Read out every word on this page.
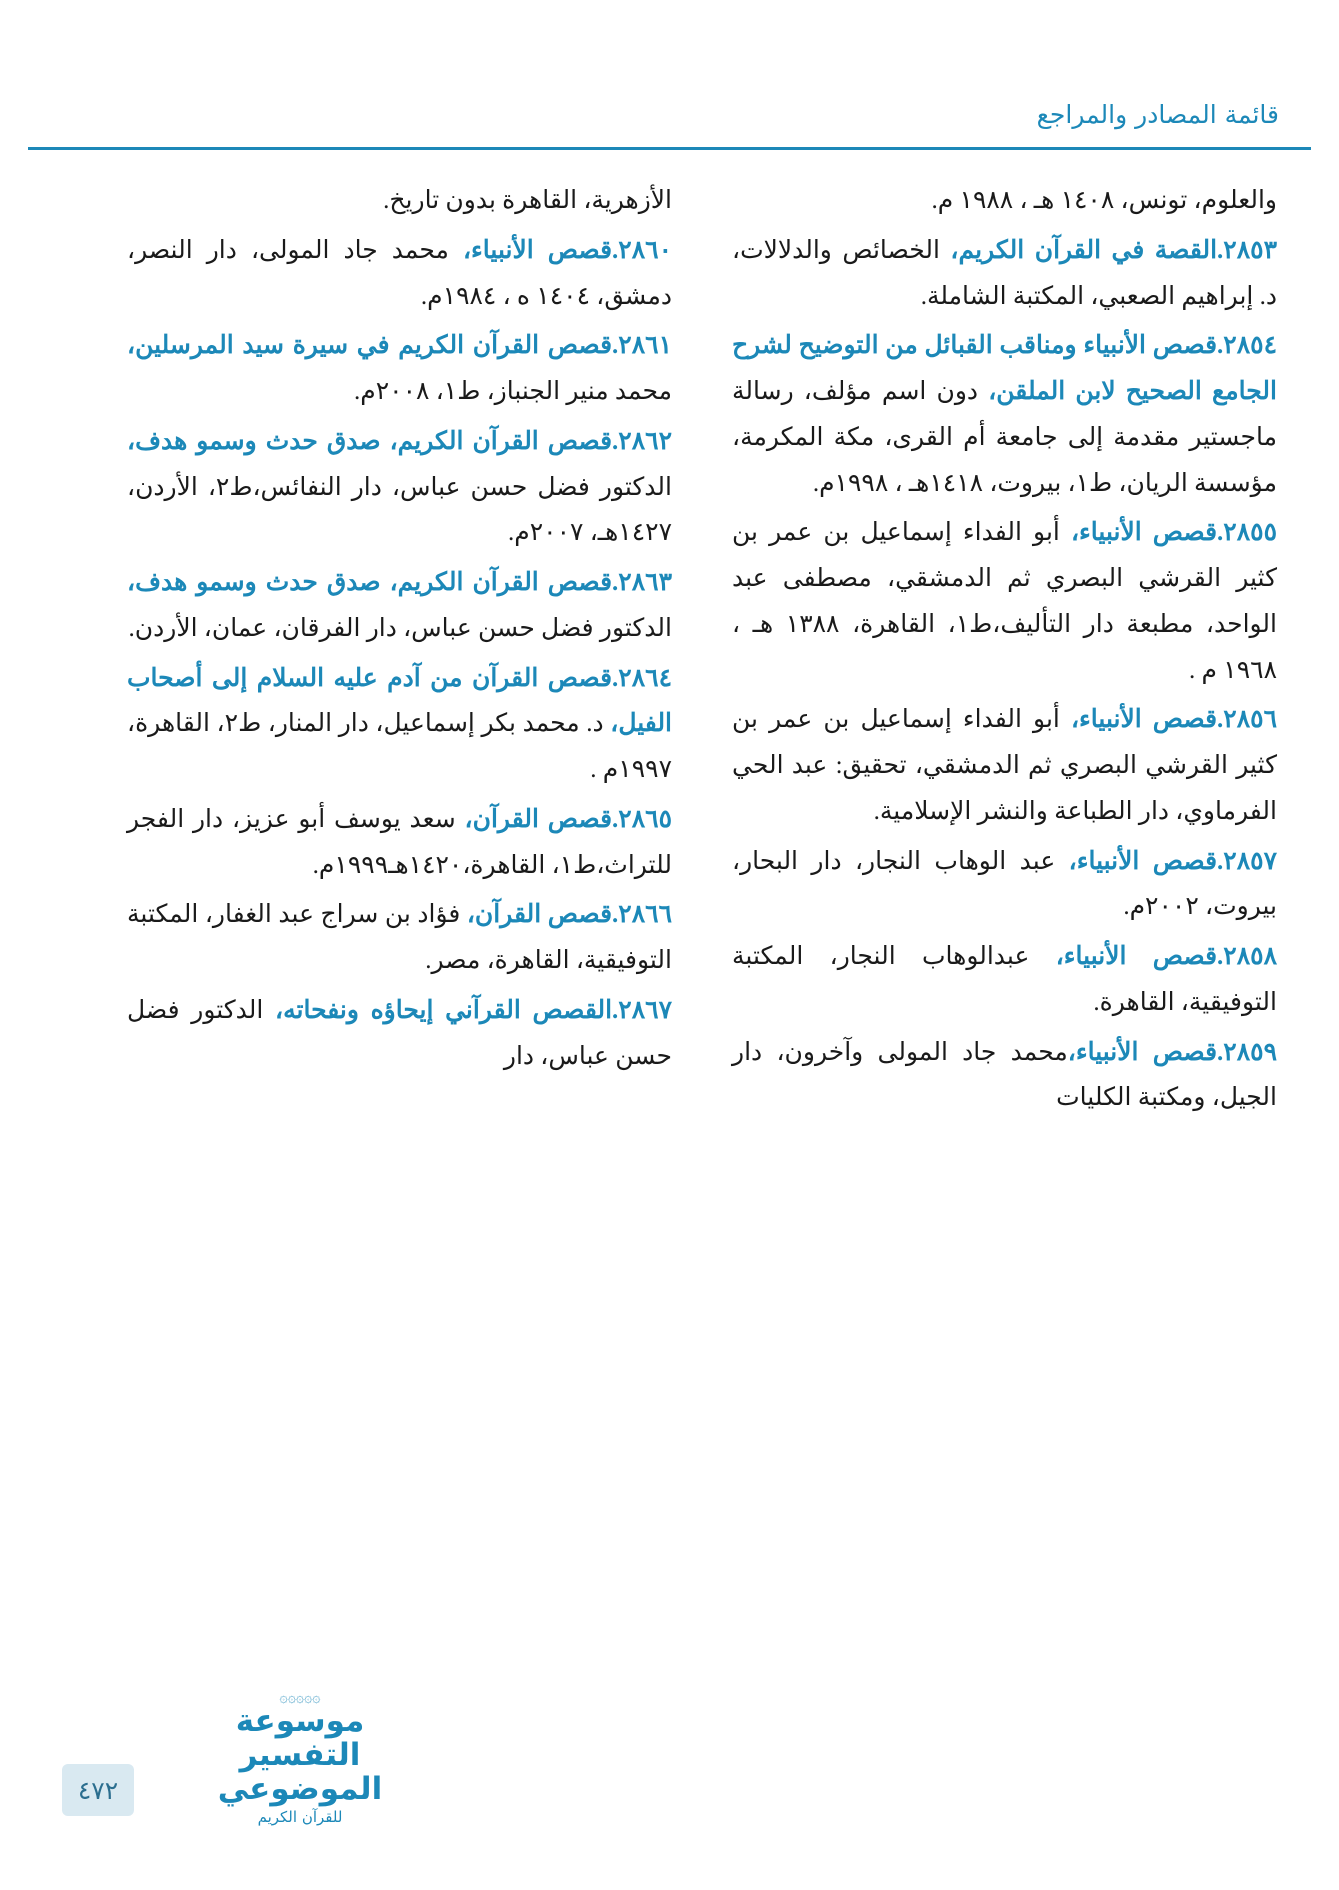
قائمة المصادر والمراجع

والعلوم، تونس، ١٤٠٨ هـ ، ١٩٨٨ م.

٢٨٥٣.القصة في القرآن الكريم، الخصائص والدلالات، د. إبراهيم الصعبي، المكتبة الشاملة.

٢٨٥٤.قصص الأنبياء ومناقب القبائل من التوضيح لشرح الجامع الصحيح لابن الملقن، دون اسم مؤلف، رسالة ماجستير مقدمة إلى جامعة أم القرى، مكة المكرمة، مؤسسة الريان، ط١، بيروت، ١٤١٨هـ ، ١٩٩٨م.

٢٨٥٥.قصص الأنبياء، أبو الفداء إسماعيل بن عمر بن كثير القرشي البصري ثم الدمشقي، مصطفى عبد الواحد، مطبعة دار التأليف،ط١، القاهرة، ١٣٨٨ هـ ، ١٩٦٨ م .

٢٨٥٦.قصص الأنبياء، أبو الفداء إسماعيل بن عمر بن كثير القرشي البصري ثم الدمشقي، تحقيق: عبد الحي الفرماوي، دار الطباعة والنشر الإسلامية.

٢٨٥٧.قصص الأنبياء، عبد الوهاب النجار، دار البحار، بيروت، ٢٠٠٢م.

٢٨٥٨.قصص الأنبياء، عبدالوهاب النجار، المكتبة التوفيقية، القاهرة.

٢٨٥٩.قصص الأنبياء،محمد جاد المولى وآخرون، دار الجيل، ومكتبة الكليات

الأزهرية، القاهرة بدون تاريخ.

٢٨٦٠.قصص الأنبياء، محمد جاد المولى، دار النصر، دمشق، ١٤٠٤ ه ، ١٩٨٤م.

٢٨٦١.قصص القرآن الكريم في سيرة سيد المرسلين، محمد منير الجنباز، ط١، ٢٠٠٨م.

٢٨٦٢.قصص القرآن الكريم، صدق حدث وسمو هدف، الدكتور فضل حسن عباس، دار النفائس،ط٢، الأردن، ١٤٢٧هـ، ٢٠٠٧م.

٢٨٦٣.قصص القرآن الكريم، صدق حدث وسمو هدف، الدكتور فضل حسن عباس، دار الفرقان، عمان، الأردن.

٢٨٦٤.قصص القرآن من آدم عليه السلام إلى أصحاب الفيل، د. محمد بكر إسماعيل، دار المنار، ط٢، القاهرة، ١٩٩٧م .

٢٨٦٥.قصص القرآن، سعد يوسف أبو عزيز، دار الفجر للتراث،ط١، القاهرة،١٤٢٠هـ١٩٩٩م.

٢٨٦٦.قصص القرآن، فؤاد بن سراج عبد الغفار، المكتبة التوفيقية، القاهرة، مصر.

٢٨٦٧.القصص القرآني إيحاؤه ونفحاته، الدكتور فضل حسن عباس، دار

۞۞۞۞۞
موسوعة التفسير الموضوعي
للقرآن الكريم
٤٧٢
